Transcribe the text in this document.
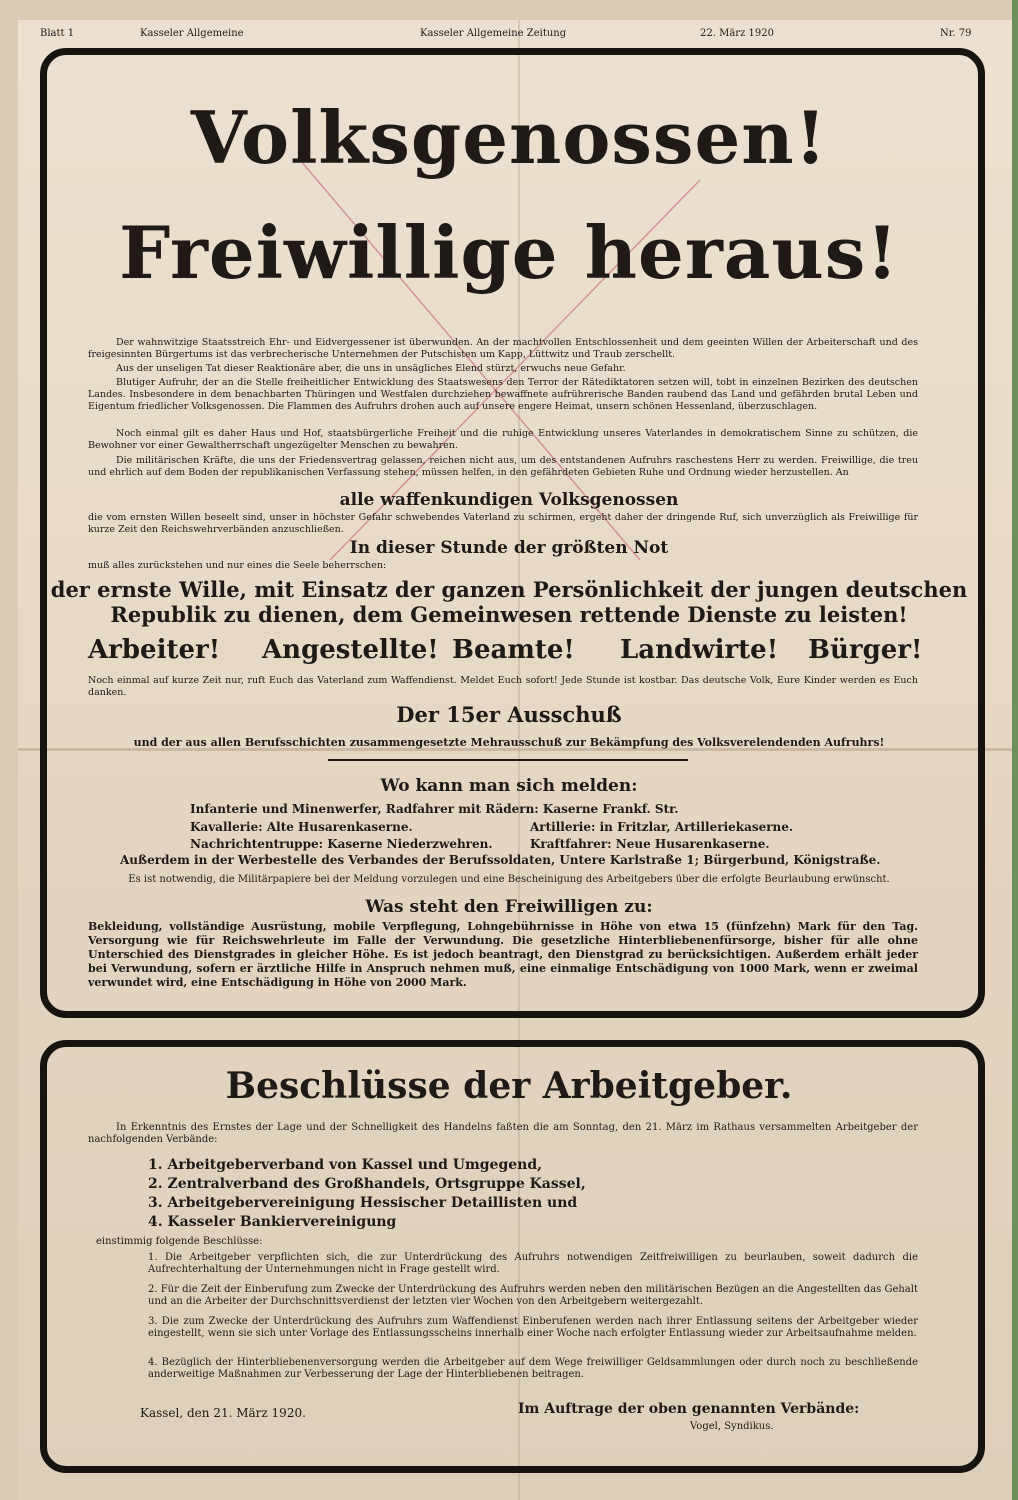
Blatt 1	Kasseler Allgemeine	Kasseler Allgemeine Zeitung	22. März 1920	Nr. 79
Volksgenossen!
Freiwillige heraus!
Der wahnwitzige Staatsstreich Ehr- und Eidvergessener ist überwunden. An der machtvollen Entschlossenheit und dem geeinten Willen der Arbeiterschaft und des freigesinnten Bürgertums ist das verbrecherische Unternehmen der Putschisten um Kapp, Lüttwitz und Traub zerschellt.
Aus der unseligen Tat dieser Reaktionäre aber, die uns in unsägliches Elend stürzt, erwuchs neue Gefahr.
Blutiger Aufruhr, der an die Stelle freiheitlicher Entwicklung des Staatswesens den Terror der Rätediktatoren setzen will, tobt in einzelnen Bezirken des deutschen Landes. Insbesondere in dem benachbarten Thüringen und Westfalen durchziehen bewaffnete aufrührerische Banden raubend das Land und gefährden brutal Leben und Eigentum friedlicher Volksgenossen. Die Flammen des Aufruhrs drohen auch auf unsere engere Heimat, unsern schönen Hessenland, überzuschlagen.
Noch einmal gilt es daher Haus und Hof, staatsbürgerliche Freiheit und die ruhige Entwicklung unseres Vaterlandes in demokratischem Sinne zu schützen, die Bewohner vor einer Gewaltherrschaft ungezügelter Menschen zu bewahren.
Die militärischen Kräfte, die uns der Friedensvertrag gelassen, reichen nicht aus, um des entstandenen Aufruhrs raschestens Herr zu werden. Freiwillige, die treu und ehrlich auf dem Boden der republikanischen Verfassung stehen, müssen helfen, in den gefährdeten Gebieten Ruhe und Ordnung wieder herzustellen. An
alle waffenkundigen Volksgenossen
die vom ernsten Willen beseelt sind, unser in höchster Gefahr schwebendes Vaterland zu schirmen, ergeht daher der dringende Ruf, sich unverzüglich als Freiwillige für kurze Zeit den Reichswehrverbänden anzuschließen.
In dieser Stunde der größten Not
muß alles zurückstehen und nur eines die Seele beherrschen:
der ernste Wille, mit Einsatz der ganzen Persönlichkeit der jungen deutschen
Republik zu dienen, dem Gemeinwesen rettende Dienste zu leisten!
Arbeiter! Angestellte! Beamte! Landwirte! Bürger!
Noch einmal auf kurze Zeit nur, ruft Euch das Vaterland zum Waffendienst. Meldet Euch sofort! Jede Stunde ist kostbar. Das deutsche Volk, Eure Kinder werden es Euch danken.
Der 15er Ausschuß
und der aus allen Berufsschichten zusammengesetzte Mehrausschuß zur Bekämpfung des Volksverelendenden Aufruhrs!
Wo kann man sich melden:
Infanterie und Minenwerfer, Radfahrer mit Rädern: Kaserne Frankf. Str.
Kavallerie: Alte Husarenkaserne.	Artillerie: in Fritzlar, Artilleriekaserne.
Nachrichtentruppe: Kaserne Niederzwehren.	Kraftfahrer: Neue Husarenkaserne.
Außerdem in der Werbestelle des Verbandes der Berufssoldaten, Untere Karlstraße 1; Bürgerbund, Königstraße.
Es ist notwendig, die Militärpapiere bei der Meldung vorzulegen und eine Bescheinigung des Arbeitgebers über die erfolgte Beurlaubung erwünscht.
Was steht den Freiwilligen zu:
Bekleidung, vollständige Ausrüstung, mobile Verpflegung, Lohngebührnisse in Höhe von etwa 15 (fünfzehn) Mark für den Tag. Versorgung wie für Reichswehrleute im Falle der Verwundung. Die gesetzliche Hinterbliebenenfürsorge, bisher für alle ohne Unterschied des Dienstgrades in gleicher Höhe. Es ist jedoch beantragt, den Dienstgrad zu berücksichtigen. Außerdem erhält jeder bei Verwundung, sofern er ärztliche Hilfe in Anspruch nehmen muß, eine einmalige Entschädigung von 1000 Mark, wenn er zweimal verwundet wird, eine Entschädigung in Höhe von 2000 Mark.
Beschlüsse der Arbeitgeber.
In Erkenntnis des Ernstes der Lage und der Schnelligkeit des Handelns faßten die am Sonntag, den 21. März im Rathaus versammelten Arbeitgeber der nachfolgenden Verbände:
1. Arbeitgeberverband von Kassel und Umgegend,
2. Zentralverband des Großhandels, Ortsgruppe Kassel,
3. Arbeitgebervereinigung Hessischer Detaillisten und
4. Kasseler Bankiervereinigung
einstimmig folgende Beschlüsse:
1. Die Arbeitgeber verpflichten sich, die zur Unterdrückung des Aufruhrs notwendigen Zeitfreiwilligen zu beurlauben, soweit dadurch die Aufrechterhaltung der Unternehmungen nicht in Frage gestellt wird.
2. Für die Zeit der Einberufung zum Zwecke der Unterdrückung des Aufruhrs werden neben den militärischen Bezügen an die Angestellten das Gehalt und an die Arbeiter der Durchschnittsverdienst der letzten vier Wochen von den Arbeitgebern weitergezahlt.
3. Die zum Zwecke der Unterdrückung des Aufruhrs zum Waffendienst Einberufenen werden nach ihrer Entlassung seitens der Arbeitgeber wieder eingestellt, wenn sie sich unter Vorlage des Entlassungsscheins innerhalb einer Woche nach erfolgter Entlassung wieder zur Arbeitsaufnahme melden.
4. Bezüglich der Hinterbliebenenversorgung werden die Arbeitgeber auf dem Wege freiwilliger Geldsammlungen oder durch noch zu beschließende anderweitige Maßnahmen zur Verbesserung der Lage der Hinterbliebenen beitragen.
Kassel, den 21. März 1920.	Im Auftrage der oben genannten Verbände:
Vogel, Syndikus.
